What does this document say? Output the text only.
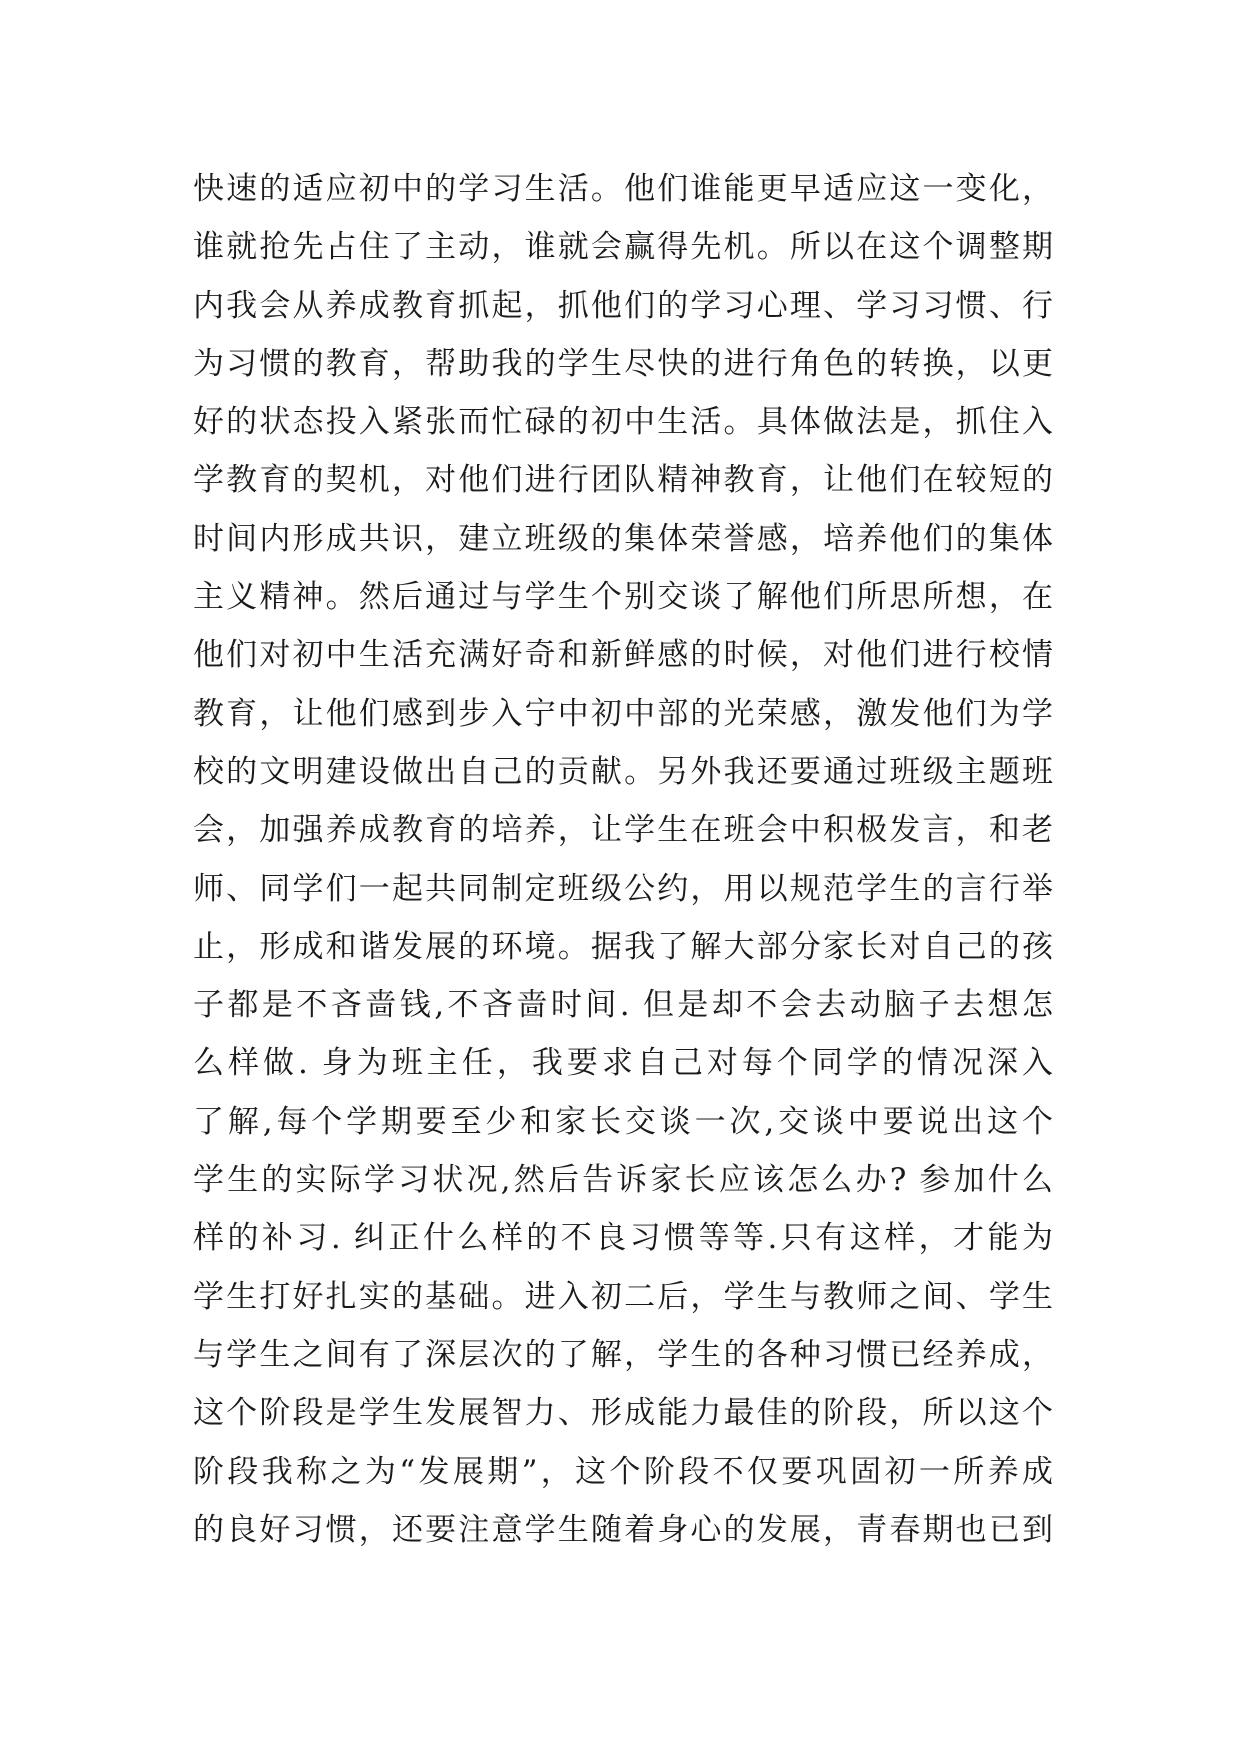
快速的适应初中的学习生活。他们谁能更早适应这一变化，
谁就抢先占住了主动，谁就会赢得先机。所以在这个调整期
内我会从养成教育抓起，抓他们的学习心理、学习习惯、行
为习惯的教育，帮助我的学生尽快的进行角色的转换，以更
好的状态投入紧张而忙碌的初中生活。具体做法是，抓住入
学教育的契机，对他们进行团队精神教育，让他们在较短的
时间内形成共识，建立班级的集体荣誉感，培养他们的集体
主义精神。然后通过与学生个别交谈了解他们所思所想，在
他们对初中生活充满好奇和新鲜感的时候，对他们进行校情
教育，让他们感到步入宁中初中部的光荣感，激发他们为学
校的文明建设做出自己的贡献。另外我还要通过班级主题班
会，加强养成教育的培养，让学生在班会中积极发言，和老
师、同学们一起共同制定班级公约，用以规范学生的言行举
止，形成和谐发展的环境。据我了解大部分家长对自己的孩
子都是不吝啬钱,不吝啬时间. 但是却不会去动脑子去想怎
么样做. 身为班主任，我要求自己对每个同学的情况深入
了解,每个学期要至少和家长交谈一次,交谈中要说出这个
学生的实际学习状况,然后告诉家长应该怎么办? 参加什么
样的补习. 纠正什么样的不良习惯等等.只有这样，才能为
学生打好扎实的基础。进入初二后，学生与教师之间、学生
与学生之间有了深层次的了解，学生的各种习惯已经养成，
这个阶段是学生发展智力、形成能力最佳的阶段，所以这个
阶段我称之为“发展期”，这个阶段不仅要巩固初一所养成
的良好习惯，还要注意学生随着身心的发展，青春期也已到
